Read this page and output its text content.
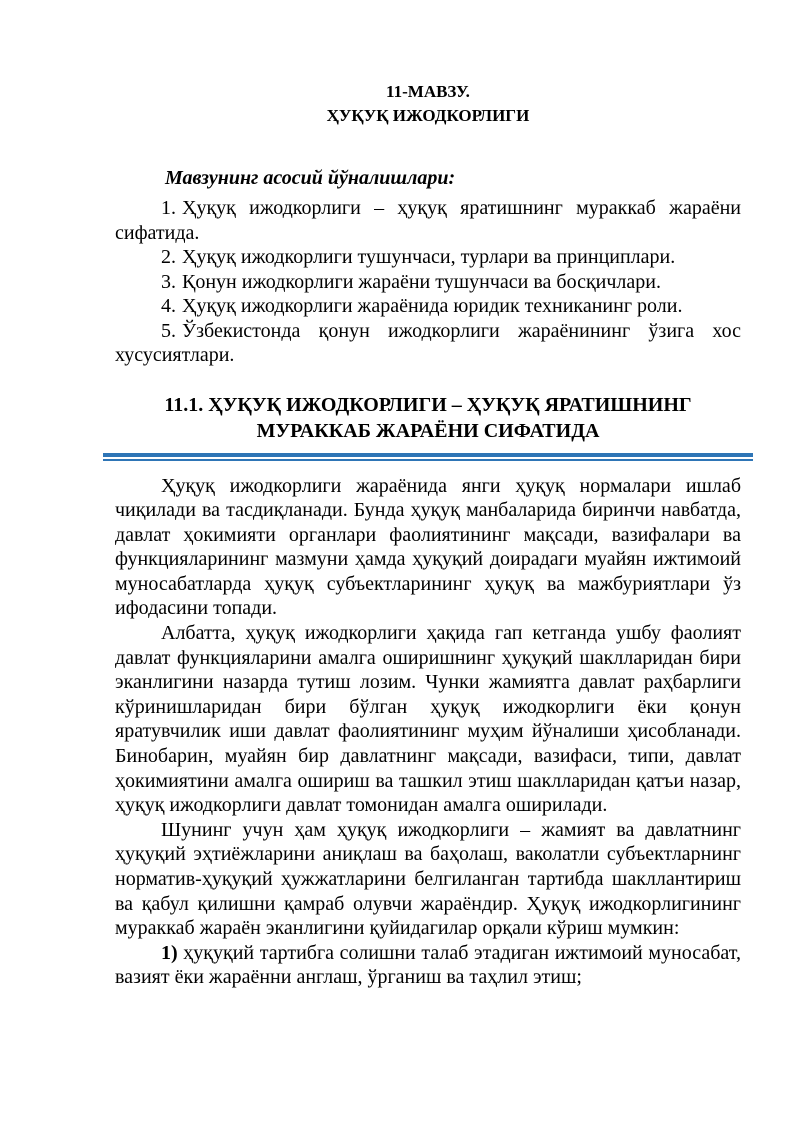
11-МАВЗУ.
ҲУҚУҚ ИЖОДКОРЛИГИ
Мавзунинг асосий йўналишлари:
1. Ҳуқуқ ижодкорлиги – ҳуқуқ яратишнинг мураккаб жараёни сифатида.
2. Ҳуқуқ ижодкорлиги тушунчаси, турлари ва принциплари.
3. Қонун ижодкорлиги жараёни тушунчаси ва босқичлари.
4. Ҳуқуқ ижодкорлиги жараёнида юридик техниканинг роли.
5. Ўзбекистонда қонун ижодкорлиги жараёнининг ўзига хос хусусиятлари.
11.1. ҲУҚУҚ ИЖОДКОРЛИГИ – ҲУҚУҚ ЯРАТИШНИНГ
МУРАККАБ ЖАРАЁНИ СИФАТИДА

Ҳуқуқ ижодкорлиги жараёнида янги ҳуқуқ нормалари ишлаб чиқилади ва тасдиқланади. Бунда ҳуқуқ манбаларида биринчи навбатда, давлат ҳокимияти органлари фаолиятининг мақсади, вазифалари ва функцияларининг мазмуни ҳамда ҳуқуқий доирадаги муайян ижтимоий муносабатларда ҳуқуқ субъектларининг ҳуқуқ ва мажбуриятлари ўз ифодасини топади.

Албатта, ҳуқуқ ижодкорлиги ҳақида гап кетганда ушбу фаолият давлат функцияларини амалга оширишнинг ҳуқуқий шаклларидан бири эканлигини назарда тутиш лозим. Чунки жамиятга давлат раҳбарлиги кўринишларидан бири бўлган ҳуқуқ ижодкорлиги ёки қонун яратувчилик иши давлат фаолиятининг муҳим йўналиши ҳисобланади. Бинобарин, муайян бир давлатнинг мақсади, вазифаси, типи, давлат ҳокимиятини амалга ошириш ва ташкил этиш шаклларидан қатъи назар, ҳуқуқ ижодкорлиги давлат томонидан амалга оширилади.

Шунинг учун ҳам ҳуқуқ ижодкорлиги – жамият ва давлатнинг ҳуқуқий эҳтиёжларини аниқлаш ва баҳолаш, ваколатли субъектларнинг норматив-ҳуқуқий ҳужжатларини белгиланган тартибда шакллантириш ва қабул қилишни қамраб олувчи жараёндир. Ҳуқуқ ижодкорлигининг мураккаб жараён эканлигини қуйидагилар орқали кўриш мумкин:

1) ҳуқуқий тартибга солишни талаб этадиган ижтимоий муносабат, вазият ёки жараённи англаш, ўрганиш ва таҳлил этиш;
